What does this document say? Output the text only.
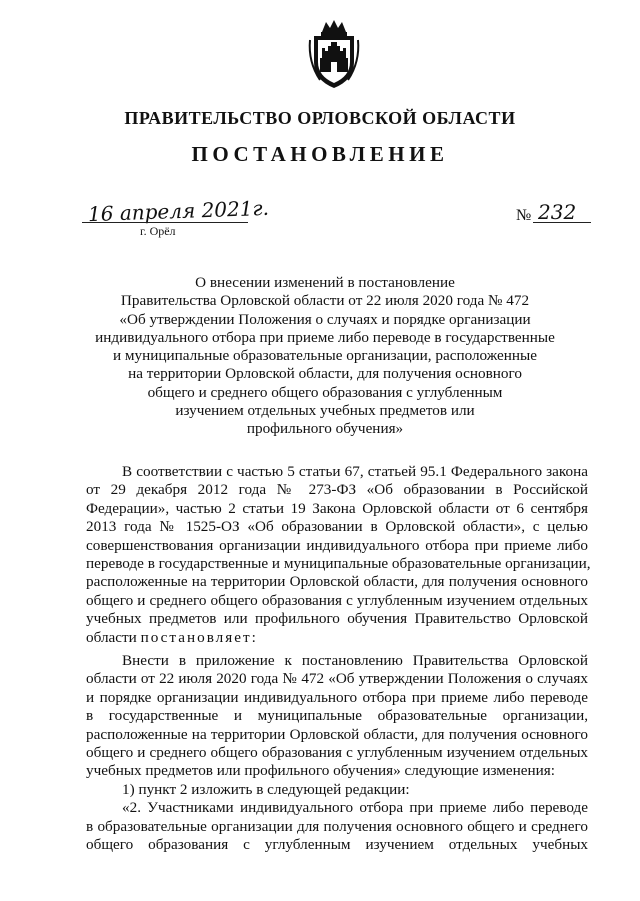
ПРАВИТЕЛЬСТВО ОРЛОВСКОЙ ОБЛАСТИ
ПОСТАНОВЛЕНИЕ
16 апреля 2021г.
г. Орёл
№ 232
О внесении изменений в постановление
Правительства Орловской области от 22 июля 2020 года № 472
«Об утверждении Положения о случаях и порядке организации
индивидуального отбора при приеме либо переводе в государственные
и муниципальные образовательные организации, расположенные
на территории Орловской области, для получения основного
общего и среднего общего образования с углубленным
изучением отдельных учебных предметов или
профильного обучения»
В соответствии с частью 5 статьи 67, статьей 95.1 Федерального закона
от 29 декабря 2012 года № 273-ФЗ «Об образовании в Российской
Федерации», частью 2 статьи 19 Закона Орловской области от 6 сентября
2013 года № 1525-ОЗ «Об образовании в Орловской области», с целью
совершенствования организации индивидуального отбора при приеме либо
переводе в государственные и муниципальные образовательные организации,
расположенные на территории Орловской области, для получения основного
общего и среднего общего образования с углубленным изучением отдельных
учебных предметов или профильного обучения Правительство Орловской
области постановляет:
Внести в приложение к постановлению Правительства Орловской
области от 22 июля 2020 года № 472 «Об утверждении Положения о случаях
и порядке организации индивидуального отбора при приеме либо переводе
в государственные и муниципальные образовательные организации,
расположенные на территории Орловской области, для получения основного
общего и среднего общего образования с углубленным изучением отдельных
учебных предметов или профильного обучения» следующие изменения:
1) пункт 2 изложить в следующей редакции:
«2. Участниками индивидуального отбора при приеме либо переводе
в образовательные организации для получения основного общего и среднего
общего образования с углубленным изучением отдельных учебных
